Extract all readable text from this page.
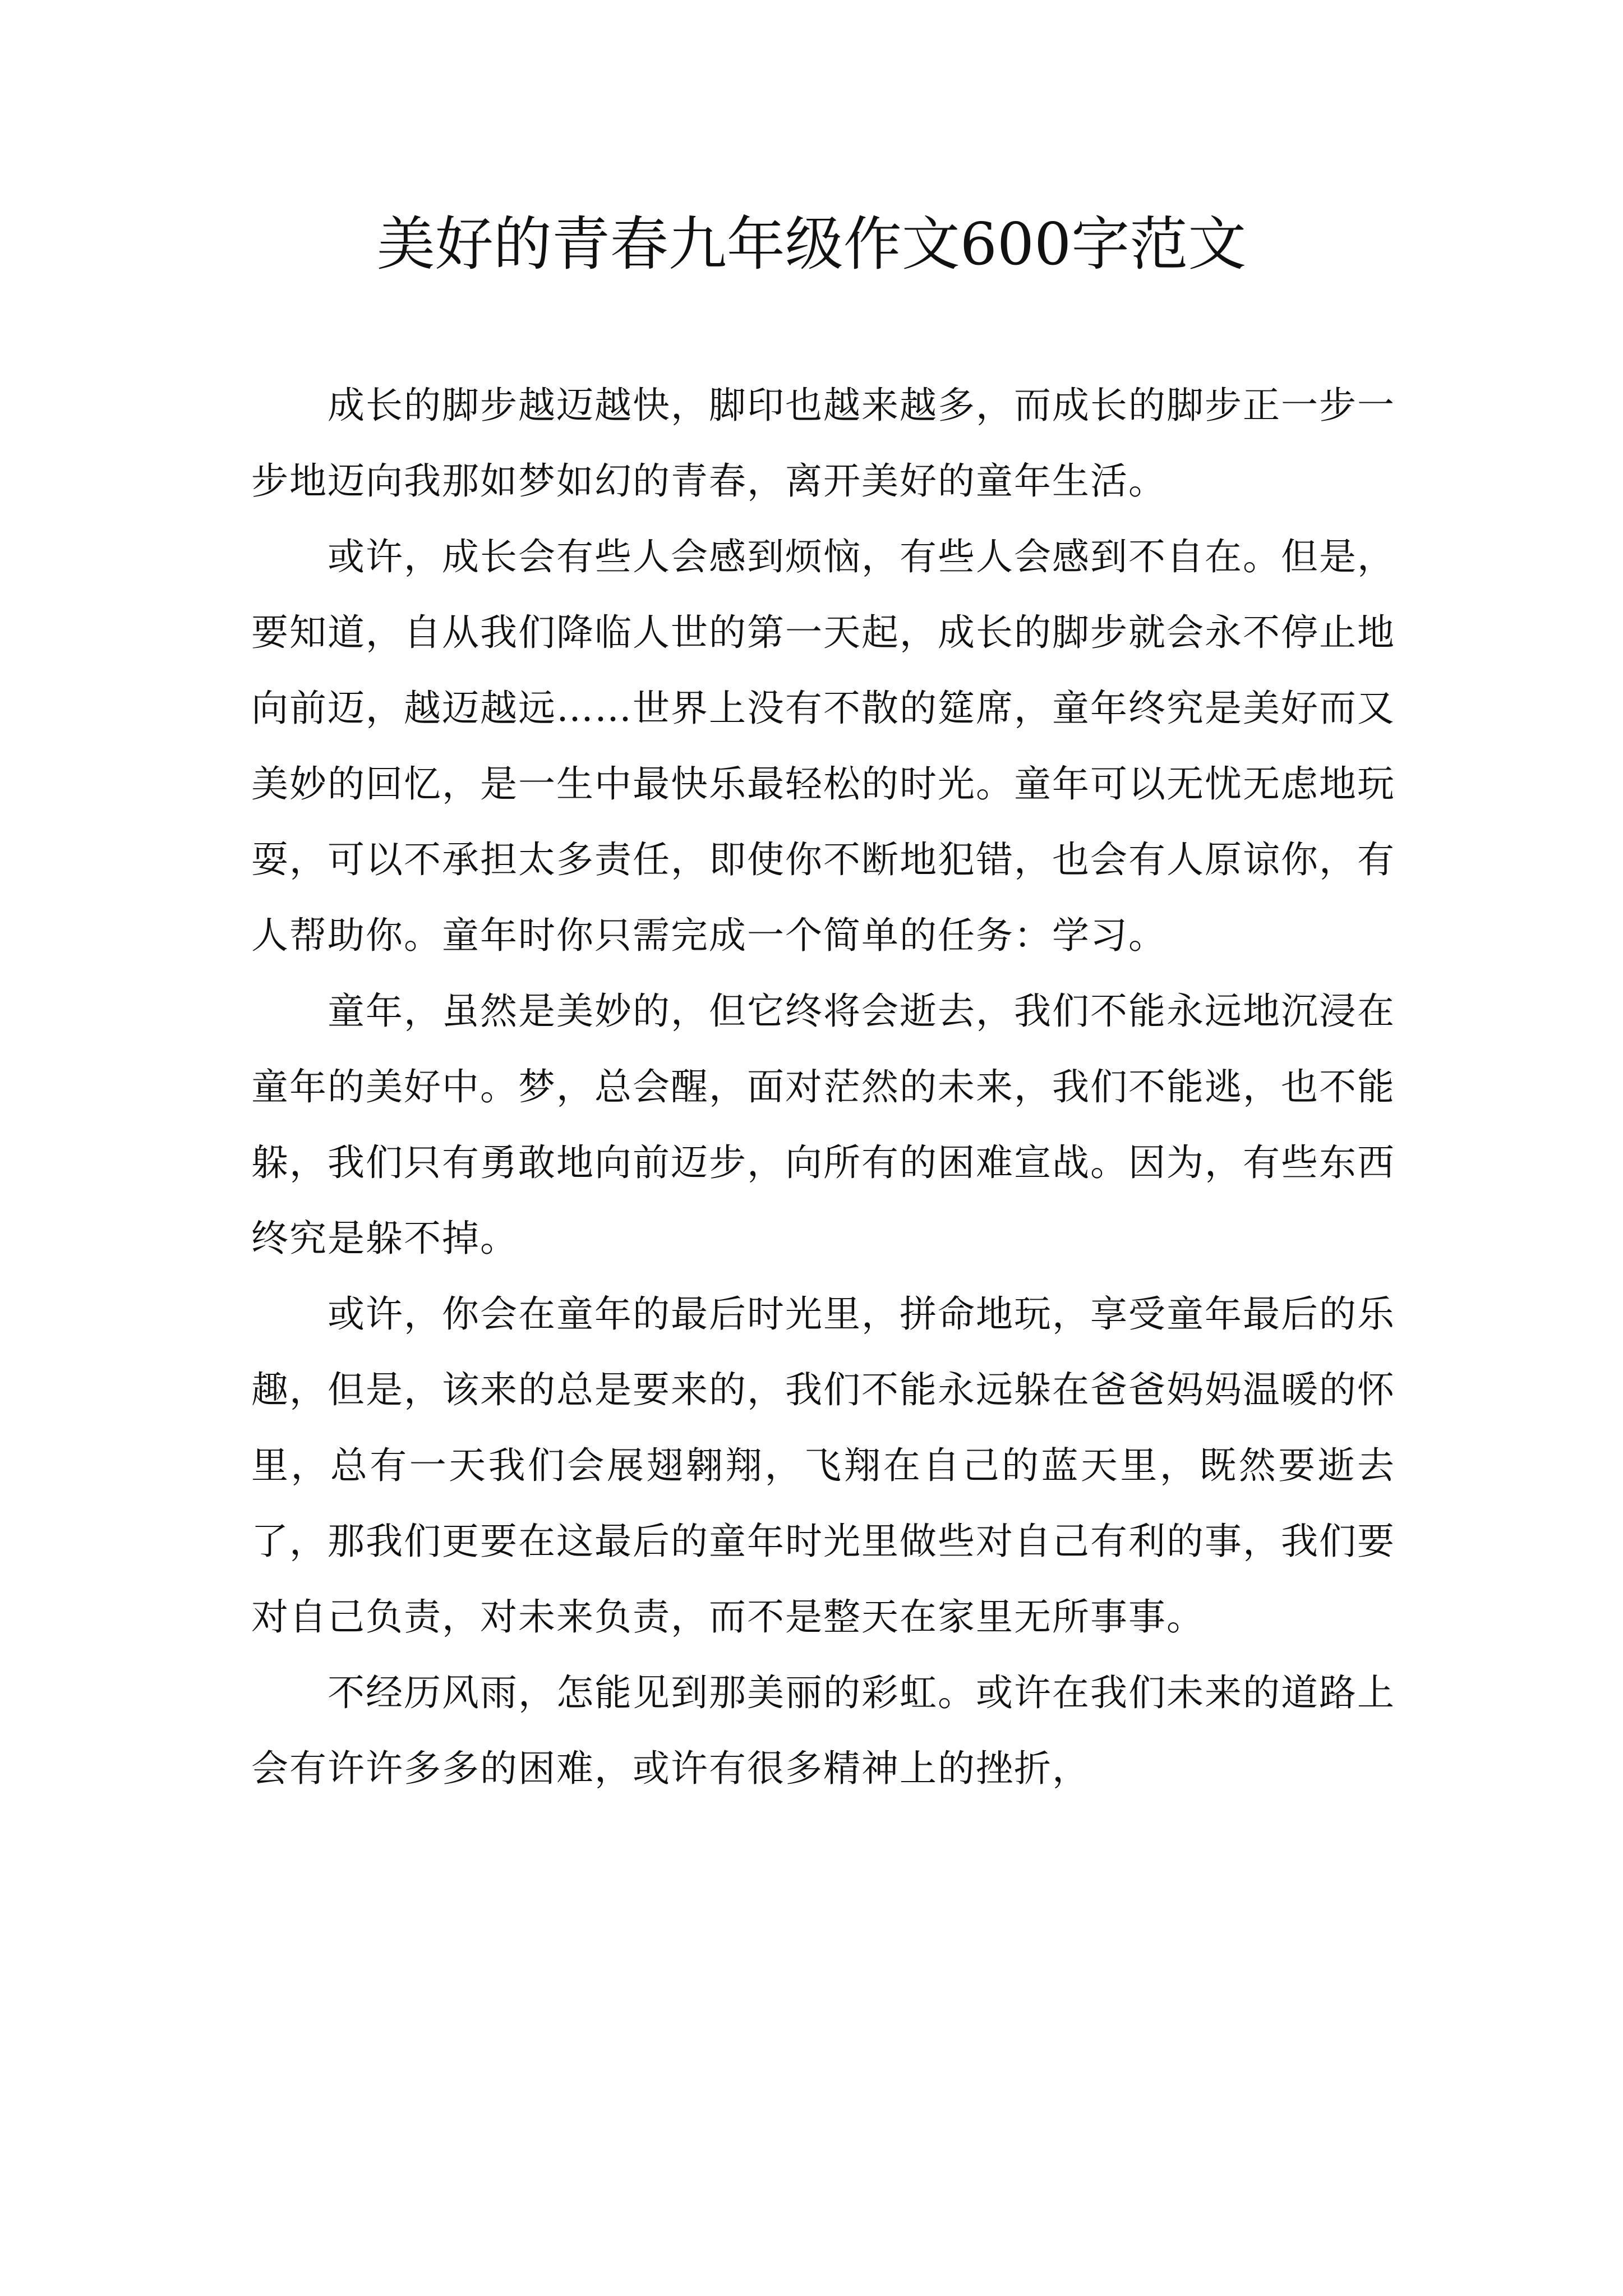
美好的青春九年级作文600字范文

成长的脚步越迈越快，脚印也越来越多，而成长的脚步正一步一步地迈向我那如梦如幻的青春，离开美好的童年生活。

或许，成长会有些人会感到烦恼，有些人会感到不自在。但是，要知道，自从我们降临人世的第一天起，成长的脚步就会永不停止地向前迈，越迈越远……世界上没有不散的筵席，童年终究是美好而又美妙的回忆，是一生中最快乐最轻松的时光。童年可以无忧无虑地玩耍，可以不承担太多责任，即使你不断地犯错，也会有人原谅你，有人帮助你。童年时你只需完成一个简单的任务：学习。

童年，虽然是美妙的，但它终将会逝去，我们不能永远地沉浸在童年的美好中。梦，总会醒，面对茫然的未来，我们不能逃，也不能躲，我们只有勇敢地向前迈步，向所有的困难宣战。因为，有些东西终究是躲不掉。

或许，你会在童年的最后时光里，拼命地玩，享受童年最后的乐趣，但是，该来的总是要来的，我们不能永远躲在爸爸妈妈温暖的怀里，总有一天我们会展翅翱翔，飞翔在自己的蓝天里，既然要逝去了，那我们更要在这最后的童年时光里做些对自己有利的事，我们要对自己负责，对未来负责，而不是整天在家里无所事事。

不经历风雨，怎能见到那美丽的彩虹。或许在我们未来的道路上会有许许多多的困难，或许有很多精神上的挫折，
